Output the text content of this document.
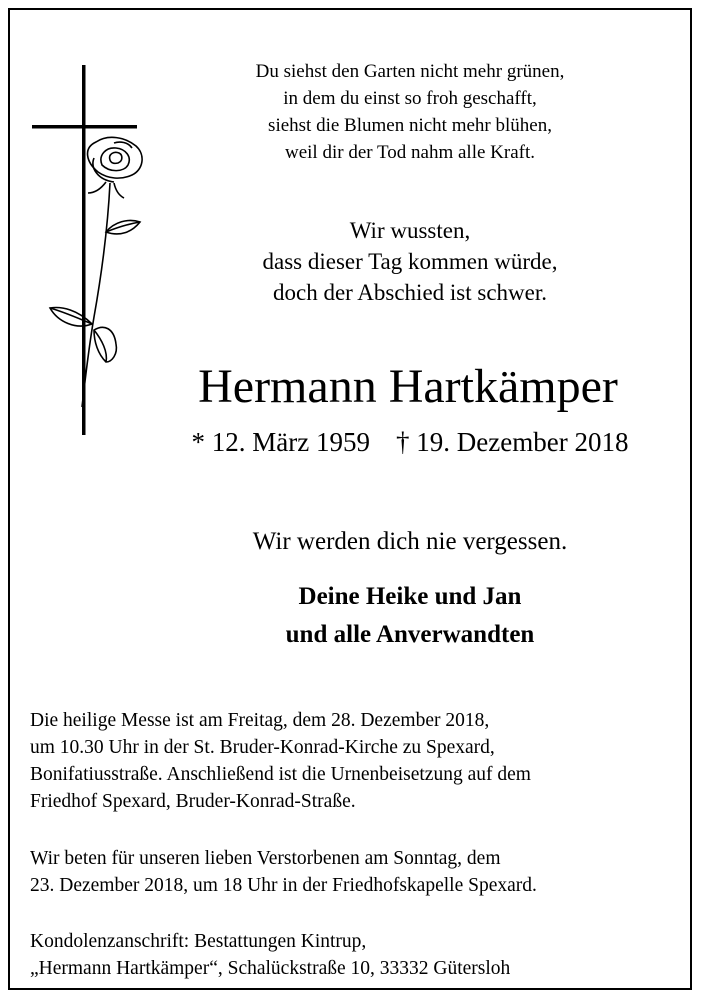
Du siehst den Garten nicht mehr grünen,
in dem du einst so froh geschafft,
siehst die Blumen nicht mehr blühen,
weil dir der Tod nahm alle Kraft.
Wir wussten,
dass dieser Tag kommen würde,
doch der Abschied ist schwer.
Hermann Hartkämper
* 12. März 1959 † 19. Dezember 2018
Wir werden dich nie vergessen.
Deine Heike und Jan
und alle Anverwandten
Die heilige Messe ist am Freitag, dem 28. Dezember 2018,
um 10.30 Uhr in der St. Bruder-Konrad-Kirche zu Spexard,
Bonifatiusstraße. Anschließend ist die Urnenbeisetzung auf dem
Friedhof Spexard, Bruder-Konrad-Straße.
Wir beten für unseren lieben Verstorbenen am Sonntag, dem
23. Dezember 2018, um 18 Uhr in der Friedhofskapelle Spexard.
Kondolenzanschrift: Bestattungen Kintrup,
„Hermann Hartkämper“, Schalückstraße 10, 33332 Gütersloh
